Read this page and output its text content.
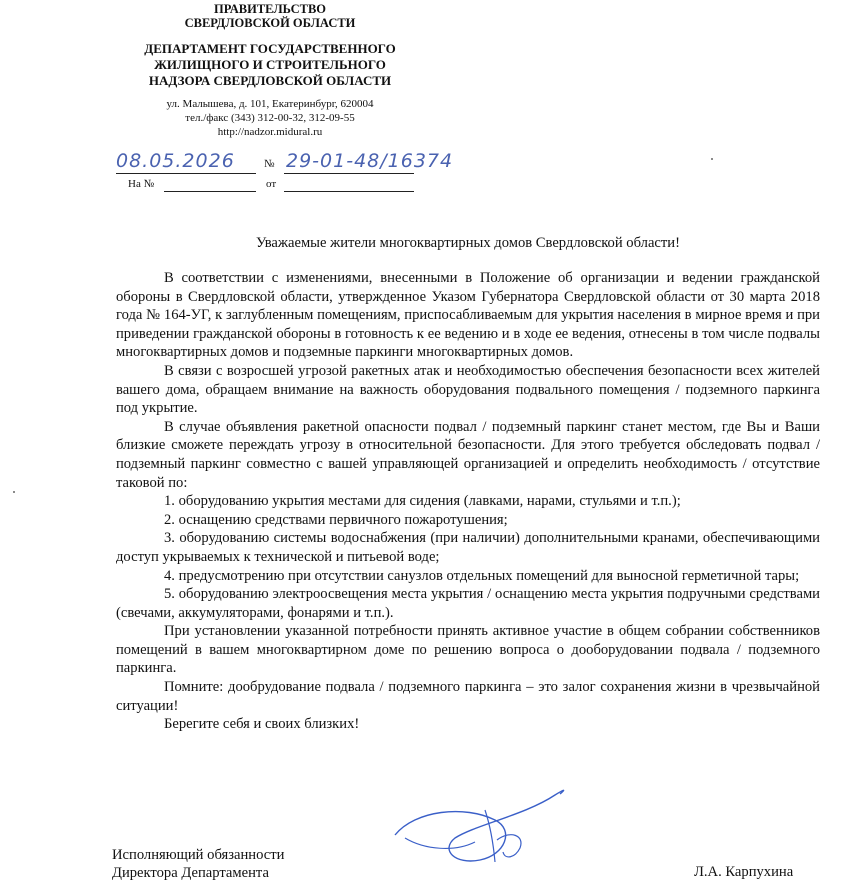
ПРАВИТЕЛЬСТВО
СВЕРДЛОВСКОЙ ОБЛАСТИ
ДЕПАРТАМЕНТ ГОСУДАРСТВЕННОГО
ЖИЛИЩНОГО И СТРОИТЕЛЬНОГО
НАДЗОРА СВЕРДЛОВСКОЙ ОБЛАСТИ
ул. Малышева, д. 101, Екатеринбург, 620004
тел./факс (343) 312-00-32, 312-09-55
http://nadzor.midural.ru
08.05.2026	№ 29-01-48/16374
На №	от
Уважаемые жители многоквартирных домов Свердловской области!

В соответствии с изменениями, внесенными в Положение об организации и ведении гражданской обороны в Свердловской области, утвержденное Указом Губернатора Свердловской области от 30 марта 2018 года № 164-УГ, к заглубленным помещениям, приспосабливаемым для укрытия населения в мирное время и при приведении гражданской обороны в готовность к ее ведению и в ходе ее ведения, отнесены в том числе подвалы многоквартирных домов и подземные паркинги многоквартирных домов.

В связи с возросшей угрозой ракетных атак и необходимостью обеспечения безопасности всех жителей вашего дома, обращаем внимание на важность оборудования подвального помещения / подземного паркинга под укрытие.

В случае объявления ракетной опасности подвал / подземный паркинг станет местом, где Вы и Ваши близкие сможете переждать угрозу в относительной безопасности. Для этого требуется обследовать подвал / подземный паркинг совместно с вашей управляющей организацией и определить необходимость / отсутствие таковой по:

1. оборудованию укрытия местами для сидения (лавками, нарами, стульями и т.п.);

2. оснащению средствами первичного пожаротушения;

3. оборудованию системы водоснабжения (при наличии) дополнительными кранами, обеспечивающими доступ укрываемых к технической и питьевой воде;

4. предусмотрению при отсутствии санузлов отдельных помещений для выносной герметичной тары;

5. оборудованию электроосвещения места укрытия / оснащению места укрытия подручными средствами (свечами, аккумуляторами, фонарями и т.п.).

При установлении указанной потребности принять активное участие в общем собрании собственников помещений в вашем многоквартирном доме по решению вопроса о дооборудовании подвала / подземного паркинга.

Помните: дообрудование подвала / подземного паркинга – это залог сохранения жизни в чрезвычайной ситуации!

Берегите себя и своих близких!

Исполняющий обязанности
Директора Департамента	Л.А. Карпухина
